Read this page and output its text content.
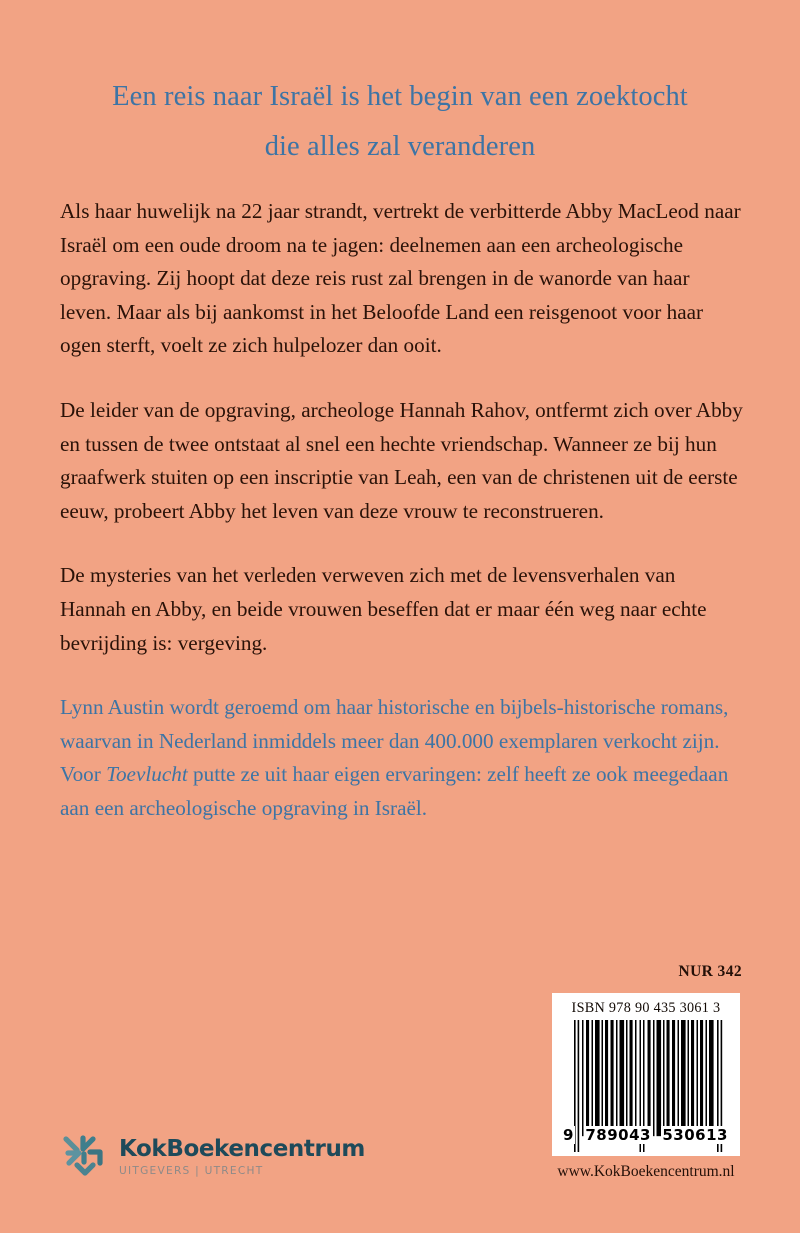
Een reis naar Israël is het begin van een zoektocht
die alles zal veranderen

Als haar huwelijk na 22 jaar strandt, vertrekt de verbitterde Abby MacLeod naar Israël om een oude droom na te jagen: deelnemen aan een archeologische opgraving. Zij hoopt dat deze reis rust zal brengen in de wanorde van haar leven. Maar als bij aankomst in het Beloofde Land een reisgenoot voor haar ogen sterft, voelt ze zich hulpelozer dan ooit.

De leider van de opgraving, archeologe Hannah Rahov, ontfermt zich over Abby en tussen de twee ontstaat al snel een hechte vriendschap. Wanneer ze bij hun graafwerk stuiten op een inscriptie van Leah, een van de christenen uit de eerste eeuw, probeert Abby het leven van deze vrouw te reconstrueren.

De mysteries van het verleden verweven zich met de levensverhalen van Hannah en Abby, en beide vrouwen beseffen dat er maar één weg naar echte bevrijding is: vergeving.

Lynn Austin wordt geroemd om haar historische en bijbels-historische romans, waarvan in Nederland inmiddels meer dan 400.000 exemplaren verkocht zijn. Voor Toevlucht putte ze uit haar eigen ervaringen: zelf heeft ze ook meegedaan aan een archeologische opgraving in Israël.

KokBoekencentrum
UITGEVERS | UTRECHT
NUR 342
ISBN 978 90 435 3061 3
9 789043 530613
www.KokBoekencentrum.nl
